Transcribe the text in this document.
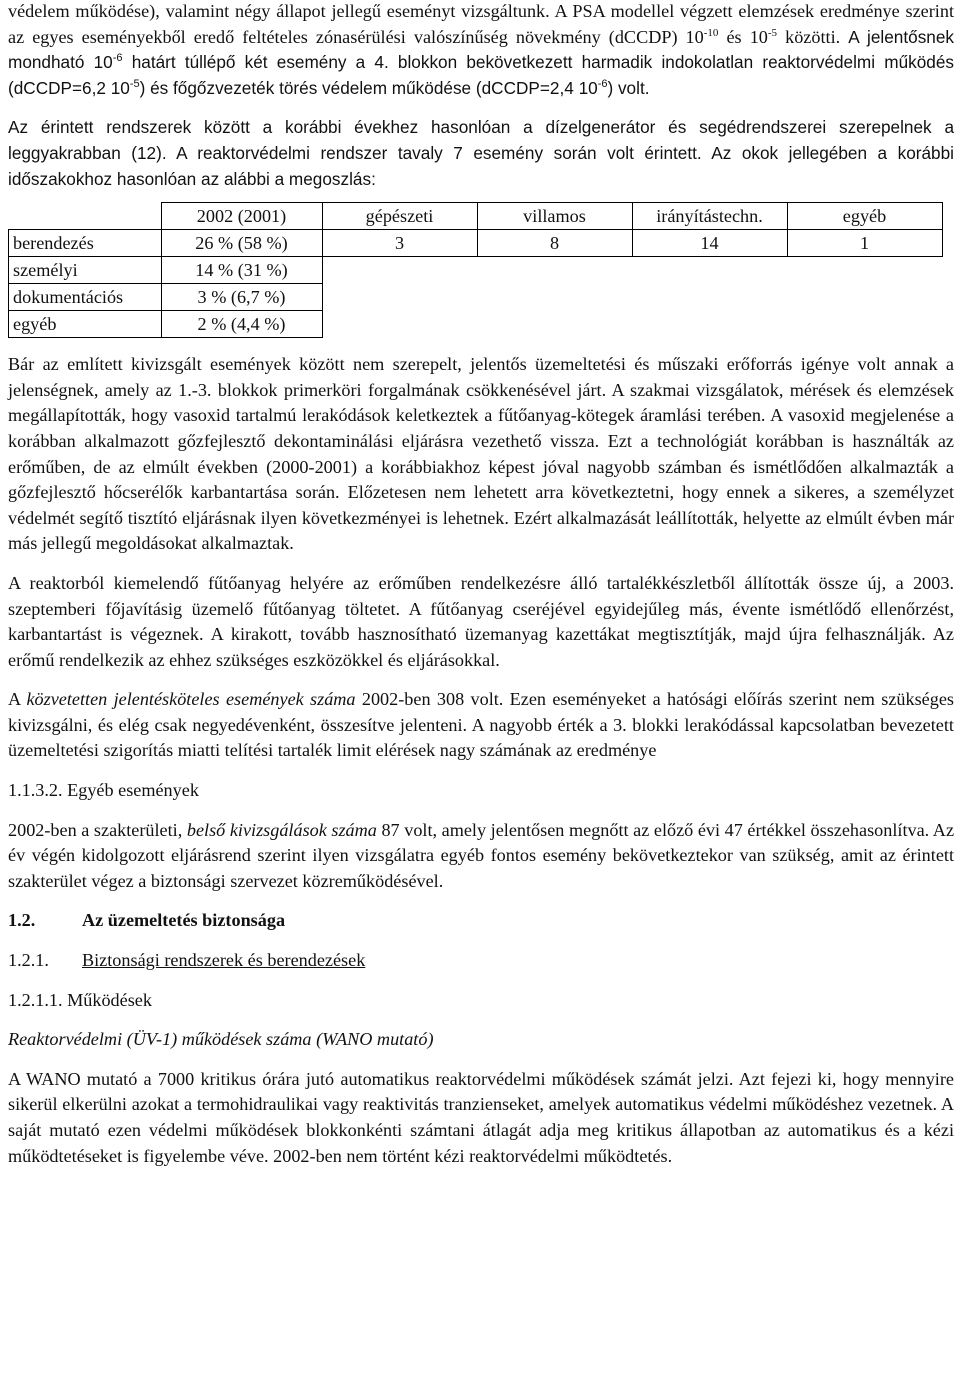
védelem működése), valamint négy állapot jellegű eseményt vizsgáltunk. A PSA modellel végzett elemzések eredménye szerint az egyes eseményekből eredő feltételes zónasérülési valószínűség növekmény (dCCDP) $10^{-10}$ és $10^{-5}$ közötti. A jelentősnek mondható $10^{-6}$ határt túllépő két esemény a 4. blokkon bekövetkezett harmadik indokolatlan reaktorvédelmi működés (dCCDP=6,2 $10^{-5}$) és főgőzvezeték törés védelem működése (dCCDP=2,4 $10^{-6}$) volt.

Az érintett rendszerek között a korábbi évekhez hasonlóan a dízelgenerátor és segédrendszerei szerepelnek a leggyakrabban (12). A reaktorvédelmi rendszer tavaly 7 esemény során volt érintett. Az okok jellegében a korábbi időszakokhoz hasonlóan az alábbi a megoszlás:

	2002 (2001)	gépészeti	villamos	irányítástechn.	egyéb
berendezés	26 % (58 %)	3	8	14	1
személyi	14 % (31 %)				
dokumentációs	3 % (6,7 %)				
egyéb	2 % (4,4 %)				

Bár az említett kivizsgált események között nem szerepelt, jelentős üzemeltetési és műszaki erőforrás igénye volt annak a jelenségnek, amely az 1.-3. blokkok primerköri forgalmának csökkenésével járt. A szakmai vizsgálatok, mérések és elemzések megállapították, hogy vasoxid tartalmú lerakódások keletkeztek a fűtőanyag-kötegek áramlási terében. A vasoxid megjelenése a korábban alkalmazott gőzfejlesztő dekontaminálási eljárásra vezethető vissza. Ezt a technológiát korábban is használták az erőműben, de az elmúlt években (2000-2001) a korábbiakhoz képest jóval nagyobb számban és ismétlődően alkalmazták a gőzfejlesztő hőcserélők karbantartása során. Előzetesen nem lehetett arra következtetni, hogy ennek a sikeres, a személyzet védelmét segítő tisztító eljárásnak ilyen következményei is lehetnek. Ezért alkalmazását leállították, helyette az elmúlt évben már más jellegű megoldásokat alkalmaztak.

A reaktorból kiemelendő fűtőanyag helyére az erőműben rendelkezésre álló tartalékkészletből állították össze új, a 2003. szeptemberi főjavításig üzemelő fűtőanyag töltetet. A fűtőanyag cseréjével egyidejűleg más, évente ismétlődő ellenőrzést, karbantartást is végeznek. A kirakott, tovább hasznosítható üzemanyag kazettákat megtisztítják, majd újra felhasználják. Az erőmű rendelkezik az ehhez szükséges eszközökkel és eljárásokkal.

A közvetetten jelentésköteles események száma 2002-ben 308 volt. Ezen eseményeket a hatósági előírás szerint nem szükséges kivizsgálni, és elég csak negyedévenként, összesítve jelenteni. A nagyobb érték a 3. blokki lerakódással kapcsolatban bevezetett üzemeltetési szigorítás miatti telítési tartalék limit elérések nagy számának az eredménye

1.1.3.2. Egyéb események

2002-ben a szakterületi, belső kivizsgálások száma 87 volt, amely jelentősen megnőtt az előző évi 47 értékkel összehasonlítva. Az év végén kidolgozott eljárásrend szerint ilyen vizsgálatra egyéb fontos esemény bekövetkeztekor van szükség, amit az érintett szakterület végez a biztonsági szervezet közreműködésével.

1.2.	Az üzemeltetés biztonsága

1.2.1. Biztonsági rendszerek és berendezések

1.2.1.1. Működések

Reaktorvédelmi (ÜV-1) működések száma (WANO mutató)

A WANO mutató a 7000 kritikus órára jutó automatikus reaktorvédelmi működések számát jelzi. Azt fejezi ki, hogy mennyire sikerül elkerülni azokat a termohidraulikai vagy reaktivitás tranzienseket, amelyek automatikus védelmi működéshez vezetnek. A saját mutató ezen védelmi működések blokkonkénti számtani átlagát adja meg kritikus állapotban az automatikus és a kézi működtetéseket is figyelembe véve. 2002-ben nem történt kézi reaktorvédelmi működtetés.
